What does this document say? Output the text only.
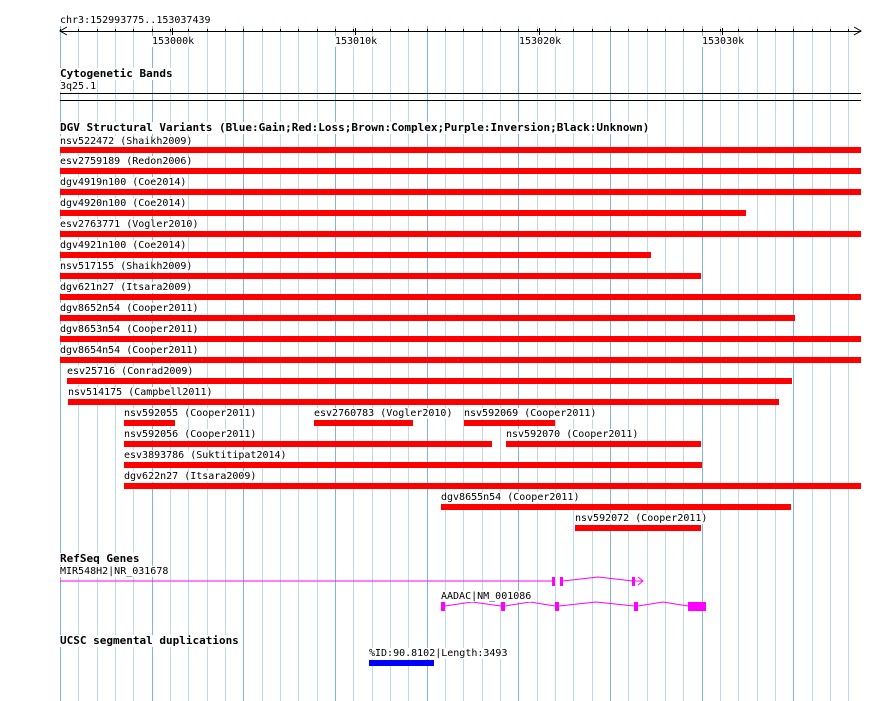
chr3:152993775..153037439
153000k	153010k	153020k	153030k
Cytogenetic Bands
3q25.1
DGV Structural Variants (Blue:Gain;Red:Loss;Brown:Complex;Purple:Inversion;Black:Unknown)
nsv522472 (Shaikh2009)
esv2759189 (Redon2006)
dgv4919n100 (Coe2014)
dgv4920n100 (Coe2014)
esv2763771 (Vogler2010)
dgv4921n100 (Coe2014)
nsv517155 (Shaikh2009)
dgv621n27 (Itsara2009)
dgv8652n54 (Cooper2011)
dgv8653n54 (Cooper2011)
dgv8654n54 (Cooper2011)
esv25716 (Conrad2009)
nsv514175 (Campbell2011)
nsv592055 (Cooper2011)	esv2760783 (Vogler2010) nsv592069 (Cooper2011)
nsv592056 (Cooper2011)	nsv592070 (Cooper2011)
esv3893786 (Suktitipat2014)
dgv622n27 (Itsara2009)
dgv8655n54 (Cooper2011)
nsv592072 (Cooper2011)
RefSeq Genes
MIR548H2|NR_031678
AADAC|NM_001086
UCSC segmental duplications
%ID:90.8102|Length:3493
